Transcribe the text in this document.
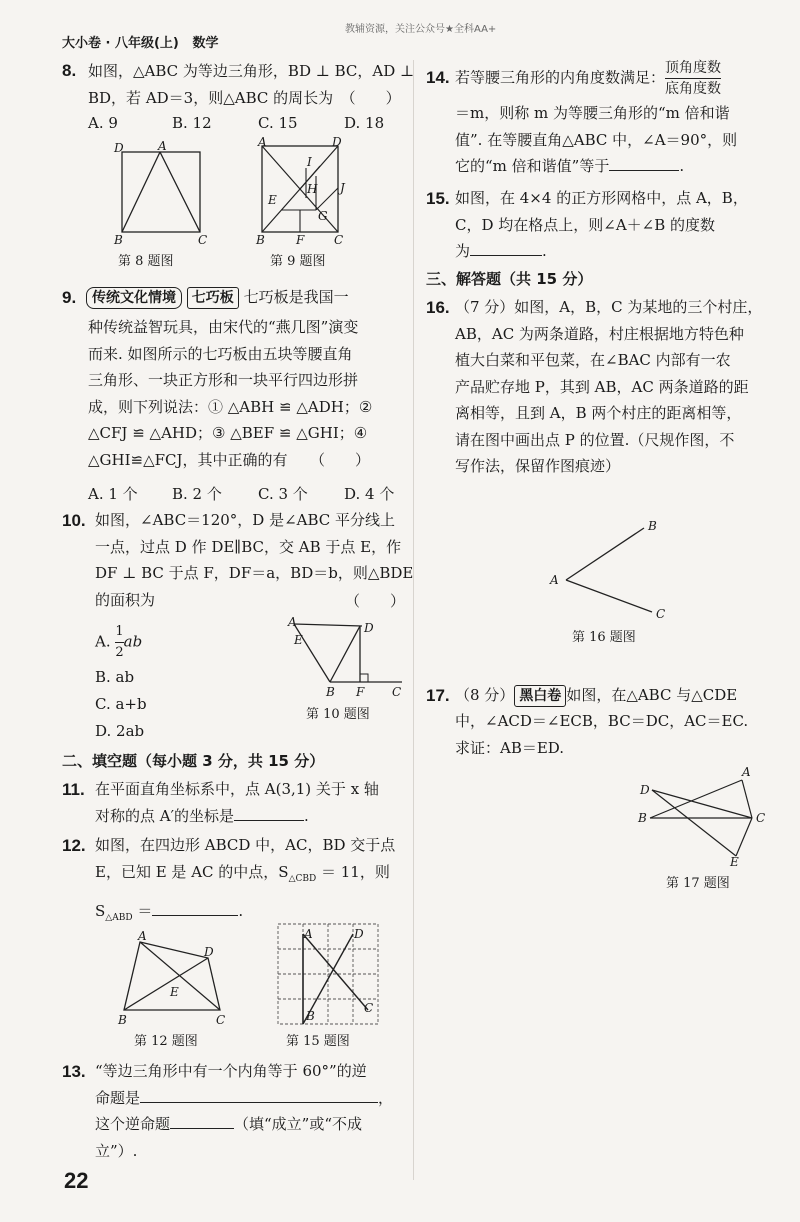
大小卷 · 八年级(上) 数学
教辅资源，关注公众号★全科AA+
8. 如图，△ABC 为等边三角形，BD ⊥ BC，AD ⊥
BD，若 AD＝3，则△ABC 的周长为　（　　）
A. 9	B. 12	C. 15	D. 18
D	A
B	C
第 8 题图
A	D
I
H J
E
G
B	F C
第 9 题图
9.	传统文化情境 七巧板 七巧板是我国一
种传统益智玩具，由宋代的“燕几图”演变
而来. 如图所示的七巧板由五块等腰直角
三角形、一块正方形和一块平行四边形拼
成，则下列说法：① △ABH ≌ △ADH；②
△CFJ ≌ △AHD；③ △BEF ≌ △GHI；④
△GHI≌△FCJ，其中正确的有　　（　　）
A. 1 个 B. 2 个 C. 3 个 D. 4 个
10. 如图，∠ABC＝120°，D 是∠ABC 平分线上
一点，过点 D 作 DE∥BC，交 AB 于点 E，作
DF ⊥ BC 于点 F，DF＝a，BD＝b，则△BDE
的面积为	（　　）
A. $\frac{1}{2}$ ab
B. ab
C. a+b
D. 2ab
A	D
E
B F C
第 10 题图
二、填空题（每小题 3 分，共 15 分）
11. 在平面直角坐标系中，点 A(3,1) 关于 x 轴
对称的点 A′的坐标是	.
12. 如图，在四边形 ABCD 中，AC，BD 交于点
E，已知 E 是 AC 的中点，$S_{\triangle CBD} = 11$，则
$S_{\triangle ABD}$ ＝	.
A
D
E
B	C
第 12 题图
A	D
B
C
第 15 题图
13. “等边三角形中有一个内角等于 60°”的逆
命题是	，
这个逆命题	（填“成立”或“不成
立”）.
22
14. 若等腰三角形的内角度数满足： $\frac{\text{顶角度数}}{\text{底角度数}}$
＝m，则称 m 为等腰三角形的“m 倍和谐
值”. 在等腰直角△ABC 中，∠A＝90°，则
它的“m 倍和谐值”等于	.
15. 如图，在 4×4 的正方形网格中，点 A，B，
C，D 均在格点上，则∠A＋∠B 的度数
为	.
三、解答题（共 15 分）
16. （7 分）如图，A，B，C 为某地的三个村庄，
AB，AC 为两条道路，村庄根据地方特色种
植大白菜和平包菜，在∠BAC 内部有一农
产品贮存地 P，其到 AB，AC 两条道路的距
离相等，且到 A，B 两个村庄的距离相等，
请在图中画出点 P 的位置.（尺规作图，不
写作法，保留作图痕迹）
B
A
C
第 16 题图
17. （8 分） 黑白卷 如图，在△ABC 与△CDE
中，∠ACD＝∠ECB，BC＝DC，AC＝EC.
求证：AB＝ED.
A
D
B	C
E
第 17 题图
